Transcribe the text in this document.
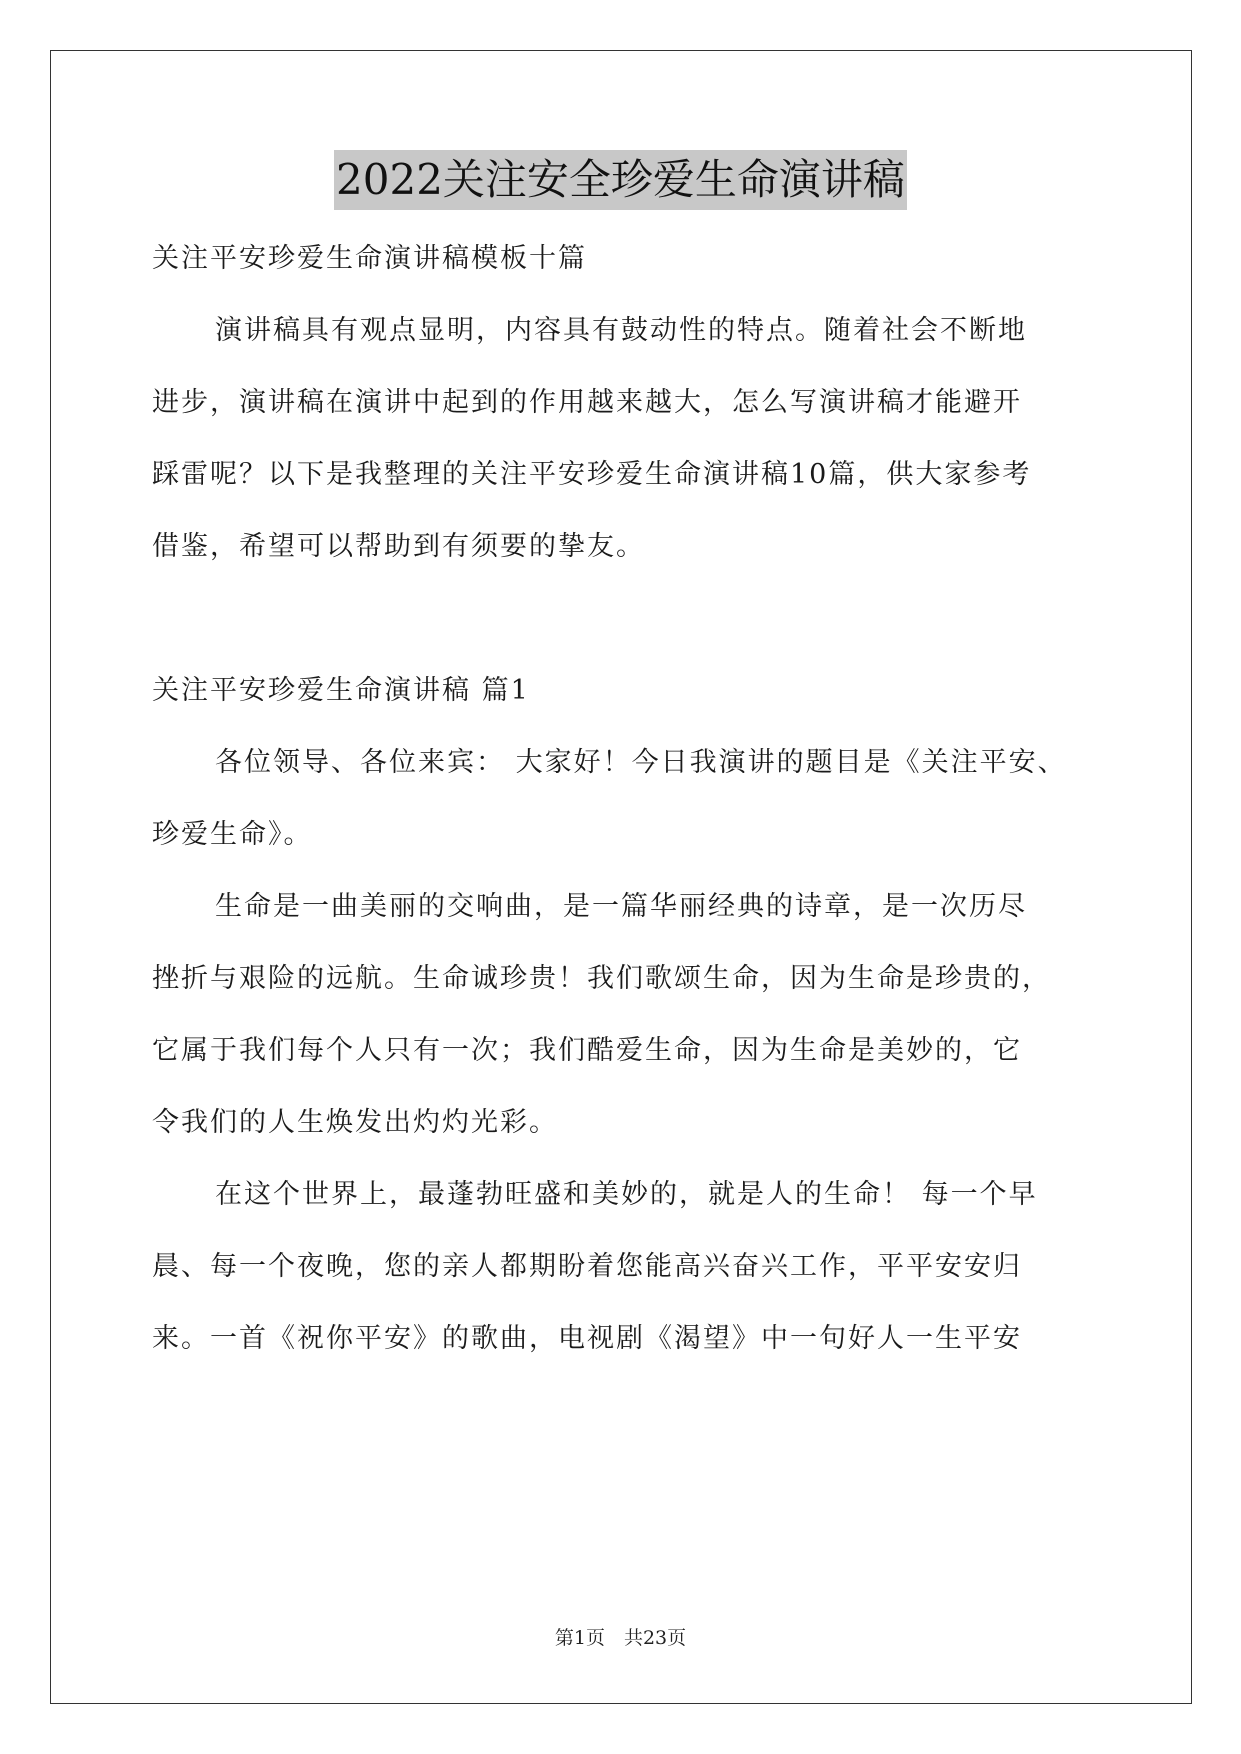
2022关注安全珍爱生命演讲稿
关注平安珍爱生命演讲稿模板十篇
演讲稿具有观点显明，内容具有鼓动性的特点。随着社会不断地
进步，演讲稿在演讲中起到的作用越来越大，怎么写演讲稿才能避开
踩雷呢？以下是我整理的关注平安珍爱生命演讲稿10篇，供大家参考
借鉴，希望可以帮助到有须要的挚友。
关注平安珍爱生命演讲稿 篇1
各位领导、各位来宾： 大家好！今日我演讲的题目是《关注平安、
珍爱生命》。
生命是一曲美丽的交响曲，是一篇华丽经典的诗章，是一次历尽
挫折与艰险的远航。生命诚珍贵！我们歌颂生命，因为生命是珍贵的，
它属于我们每个人只有一次；我们酷爱生命，因为生命是美妙的，它
令我们的人生焕发出灼灼光彩。
在这个世界上，最蓬勃旺盛和美妙的，就是人的生命！ 每一个早
晨、每一个夜晚，您的亲人都期盼着您能高兴奋兴工作，平平安安归
来。一首《祝你平安》的歌曲，电视剧《渴望》中一句好人一生平安
第1页　共23页
